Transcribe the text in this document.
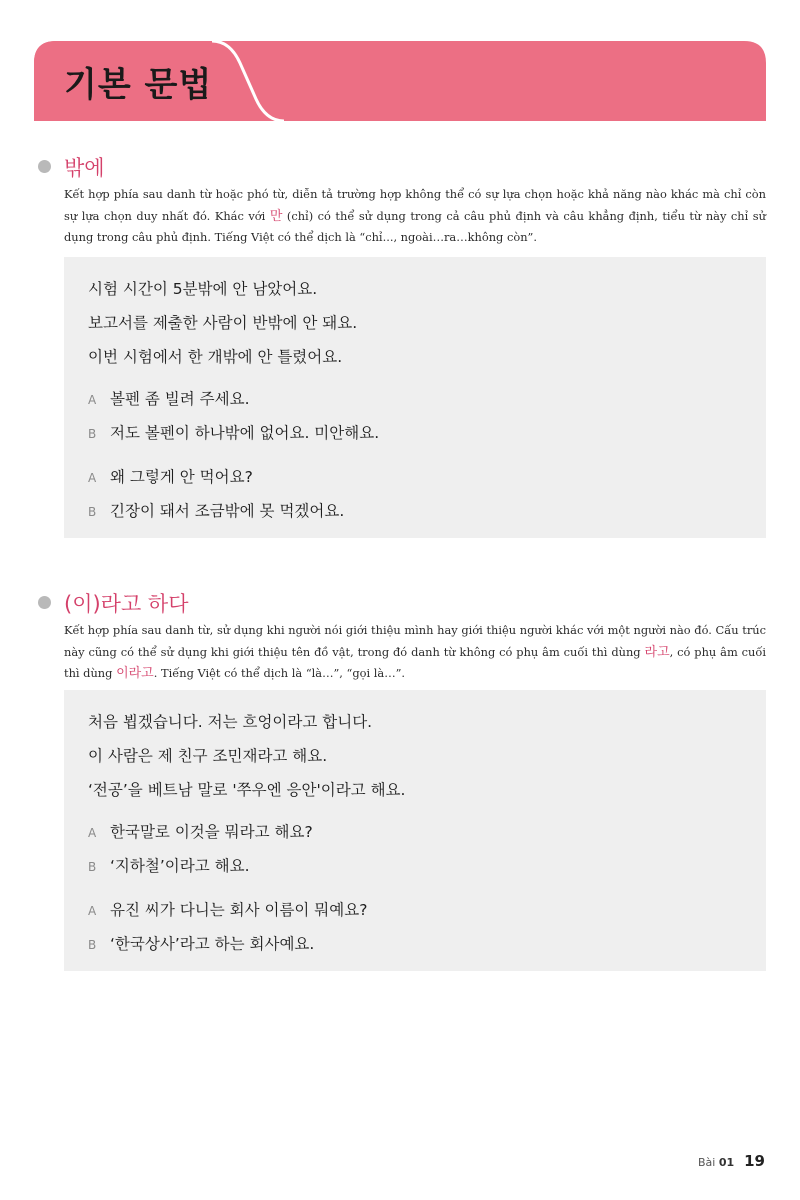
기본 문법
밖에
Kết hợp phía sau danh từ hoặc phó từ, diễn tả trường hợp không thể có sự lựa chọn hoặc khả năng nào khác mà chỉ còn sự lựa chọn duy nhất đó. Khác với 만 (chỉ) có thể sử dụng trong cả câu phủ định và câu khẳng định, tiểu từ này chỉ sử dụng trong câu phủ định. Tiếng Việt có thể dịch là “chỉ..., ngoài…ra…không còn”.
시험 시간이 5분밖에 안 남았어요.
보고서를 제출한 사람이 반밖에 안 돼요.
이번 시험에서 한 개밖에 안 틀렸어요.
A 볼펜 좀 빌려 주세요.
B 저도 볼펜이 하나밖에 없어요. 미안해요.
A 왜 그렇게 안 먹어요?
B 긴장이 돼서 조금밖에 못 먹겠어요.
(이)라고 하다
Kết hợp phía sau danh từ, sử dụng khi người nói giới thiệu mình hay giới thiệu người khác với một người nào đó. Cấu trúc này cũng có thể sử dụng khi giới thiệu tên đồ vật, trong đó danh từ không có phụ âm cuối thì dùng 라고, có phụ âm cuối thì dùng 이라고. Tiếng Việt có thể dịch là “là…”, “gọi là…”.
처음 뵙겠습니다. 저는 흐엉이라고 합니다.
이 사람은 제 친구 조민재라고 해요.
‘전공’을 베트남 말로 '쭈우엔 응안'이라고 해요.
A 한국말로 이것을 뭐라고 해요?
B ‘지하철’이라고 해요.
A 유진 씨가 다니는 회사 이름이 뭐예요?
B ‘한국상사’라고 하는 회사예요.
Bài 01 19
